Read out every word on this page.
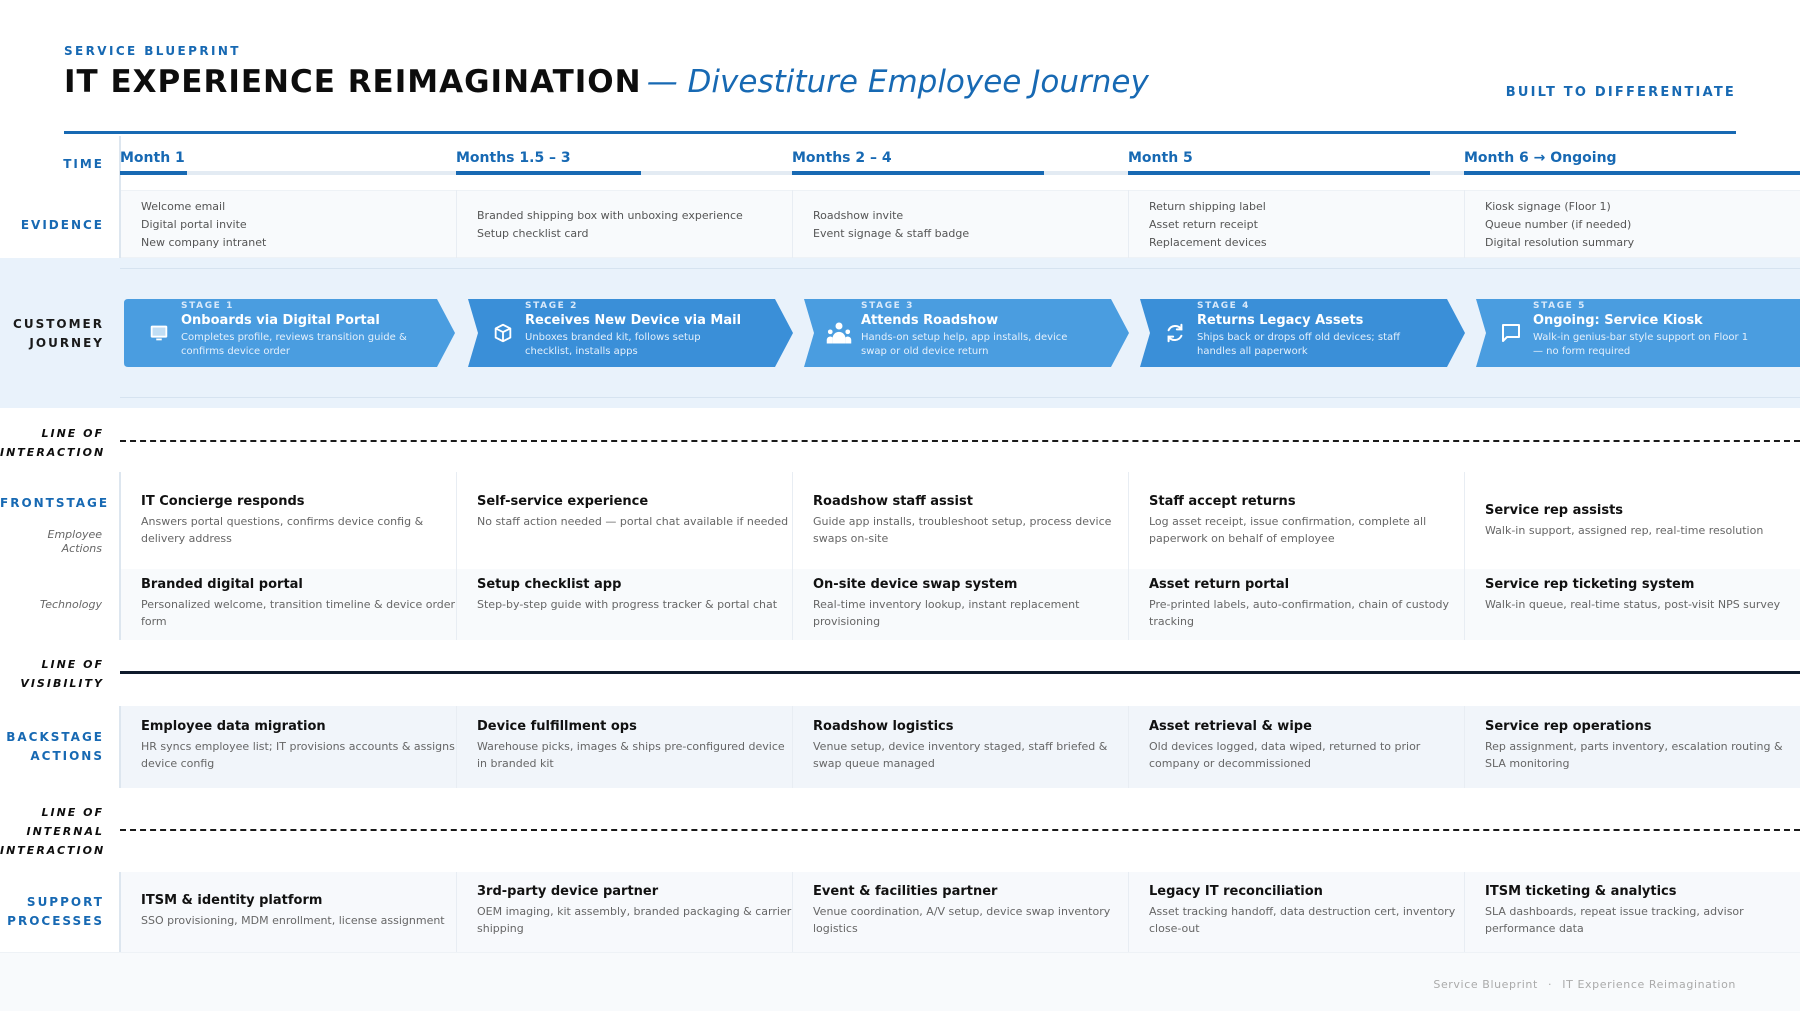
SERVICE BLUEPRINT
IT EXPERIENCE REIMAGINATION — Divestiture Employee Journey	BUILT TO DIFFERENTIATE
TIME
EVIDENCE
CUSTOMER
JOURNEY
LINE OF
INTERACTION
FRONTSTAGE
Employee
Actions
Technology
LINE OF
VISIBILITY
BACKSTAGE
ACTIONS
LINE OF
INTERNAL
INTERACTION
SUPPORT
PROCESSES
Month 1
Welcome email
Digital portal invite
New company intranet
STAGE 1
Onboards via Digital Portal
Completes profile, reviews transition guide & confirms device order
IT Concierge responds
Answers portal questions, confirms device config & delivery address
Branded digital portal
Personalized welcome, transition timeline & device order form
Employee data migration
HR syncs employee list; IT provisions accounts & assigns device config
ITSM & identity platform
SSO provisioning, MDM enrollment, license assignment
Months 1.5 – 3
Branded shipping box with unboxing experience
Setup checklist card
STAGE 2
Receives New Device via Mail
Unboxes branded kit, follows setup checklist, installs apps
Self-service experience
No staff action needed — portal chat available if needed
Setup checklist app
Step-by-step guide with progress tracker & portal chat
Device fulfillment ops
Warehouse picks, images & ships pre-configured device in branded kit
3rd-party device partner
OEM imaging, kit assembly, branded packaging & carrier shipping
Months 2 – 4
Roadshow invite
Event signage & staff badge
STAGE 3
Attends Roadshow
Hands-on setup help, app installs, device swap or old device return
Roadshow staff assist
Guide app installs, troubleshoot setup, process device swaps on-site
On-site device swap system
Real-time inventory lookup, instant replacement provisioning
Roadshow logistics
Venue setup, device inventory staged, staff briefed & swap queue managed
Event & facilities partner
Venue coordination, A/V setup, device swap inventory logistics
Month 5
Return shipping label
Asset return receipt
Replacement devices
STAGE 4
Returns Legacy Assets
Ships back or drops off old devices; staff handles all paperwork
Staff accept returns
Log asset receipt, issue confirmation, complete all paperwork on behalf of employee
Asset return portal
Pre-printed labels, auto-confirmation, chain of custody tracking
Asset retrieval & wipe
Old devices logged, data wiped, returned to prior company or decommissioned
Legacy IT reconciliation
Asset tracking handoff, data destruction cert, inventory close-out
Month 6 → Ongoing
Kiosk signage (Floor 1)
Queue number (if needed)
Digital resolution summary
STAGE 5
Ongoing: Service Kiosk
Walk-in genius-bar style support on Floor 1 — no form required
Service rep assists
Walk-in support, assigned rep, real-time resolution
Service rep ticketing system
Walk-in queue, real-time status, post-visit NPS survey
Service rep operations
Rep assignment, parts inventory, escalation routing & SLA monitoring
ITSM ticketing & analytics
SLA dashboards, repeat issue tracking, advisor performance data
Service Blueprint · IT Experience Reimagination
